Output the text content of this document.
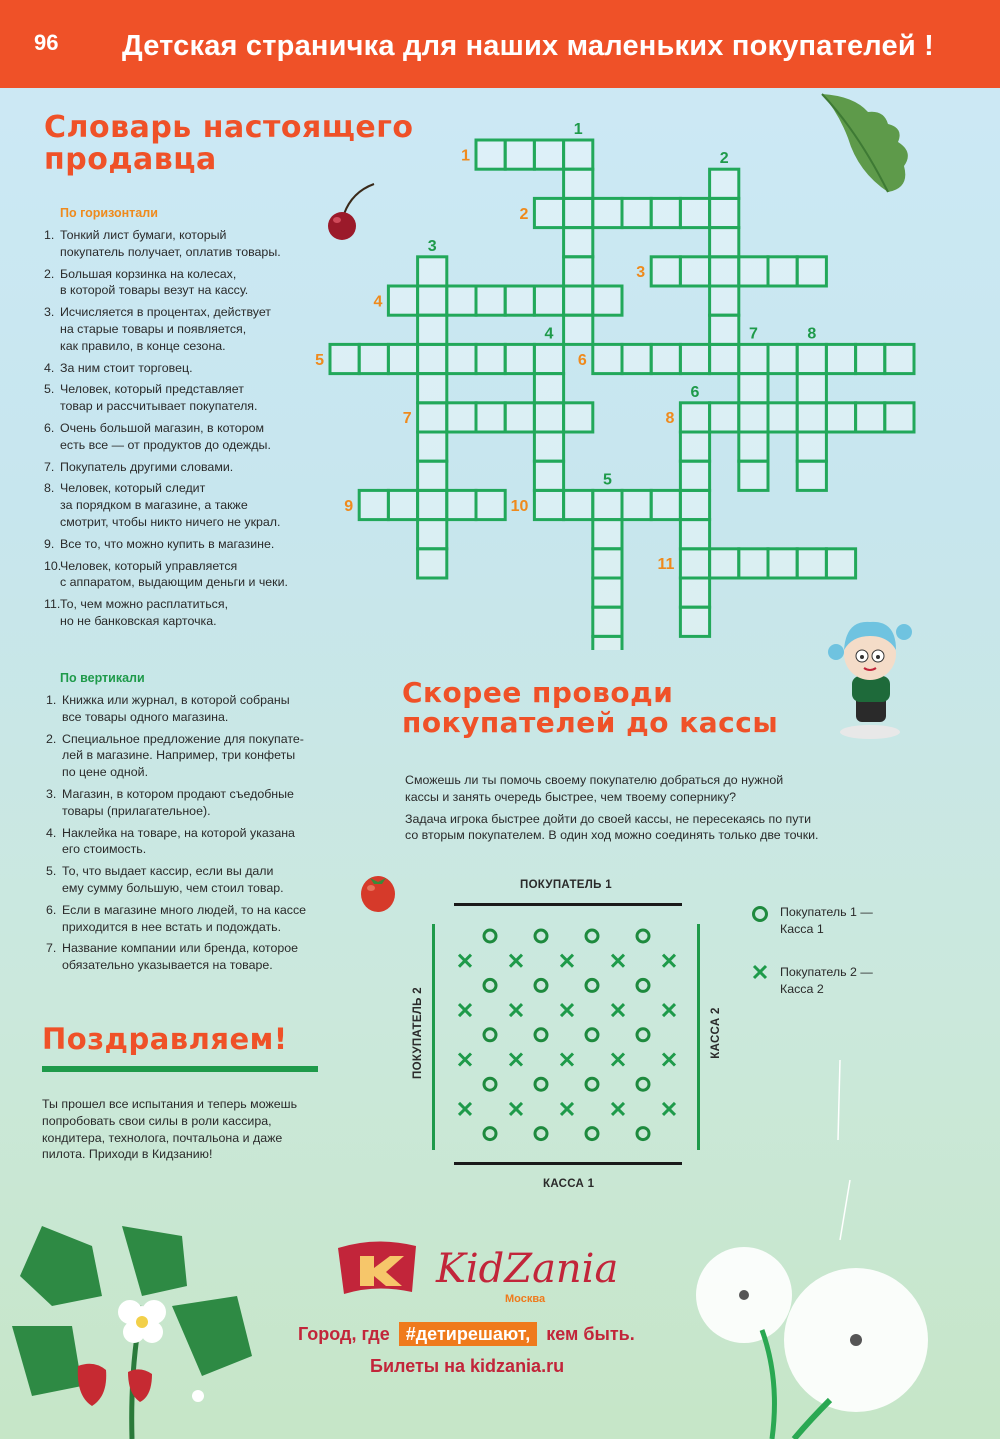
96 Детская страничка для наших маленьких покупателей !
Словарь настоящего
продавца
По горизонтали
1. Тонкий лист бумаги, который
покупатель получает, оплатив товары.
2. Большая корзинка на колесах,
в которой товары везут на кассу.
3. Исчисляется в процентах, действует
на старые товары и появляется,
как правило, в конце сезона.
4. За ним стоит торговец.
5. Человек, который представляет
товар и рассчитывает покупателя.
6. Очень большой магазин, в котором
есть все — от продуктов до одежды.
7. Покупатель другими словами.
8. Человек, который следит
за порядком в магазине, а также
смотрит, чтобы никто ничего не украл.
9. Все то, что можно купить в магазине.
10.
Человек, который управляется
с аппаратом, выдающим деньги и чеки.
11. То, чем можно расплатиться,
но не банковская карточка.
По вертикали
1. Книжка или журнал, в которой собраны
все товары одного магазина.
2. Специальное предложение для покупате-
лей в магазине. Например, три конфеты
по цене одной.
3. Магазин, в котором продают съедобные
товары (прилагательное).
4. Наклейка на товаре, на которой указана
его стоимость.
5. То, что выдает кассир, если вы дали
ему сумму большую, чем стоил товар.
6. Если в магазине много людей, то на кассе
приходится в нее встать и подождать.
7. Название компании или бренда, которое
обязательно указывается на товаре.
1
2
3
4
5	6
7	8
9	10
11
1
2
3
4
5
6
7	8
Скорее проводи
покупателей до кассы

Сможешь ли ты помочь своему покупателю добраться до нужной
кассы и занять очередь быстрее, чем твоему сопернику?

Задача игрока быстрее дойти до своей кассы, не пересекаясь по пути
со вторым покупателем. В один ход можно соединять только две точки.

ПОКУПАТЕЛЬ 1
ПОКУПАТЕЛЬ 2	КАССА 2
КАССА 1
Покупатель 1 —
Касса 1
Покупатель 2 —
Касса 2
Поздравляем!
Ты прошел все испытания и теперь можешь
попробовать свои силы в роли кассира,
кондитера, технолога, почтальона и даже
пилота. Приходи в Кидзанию!
KidZania
Москва
Город, где #детирешают, кем быть.
Билеты на kidzania.ru
